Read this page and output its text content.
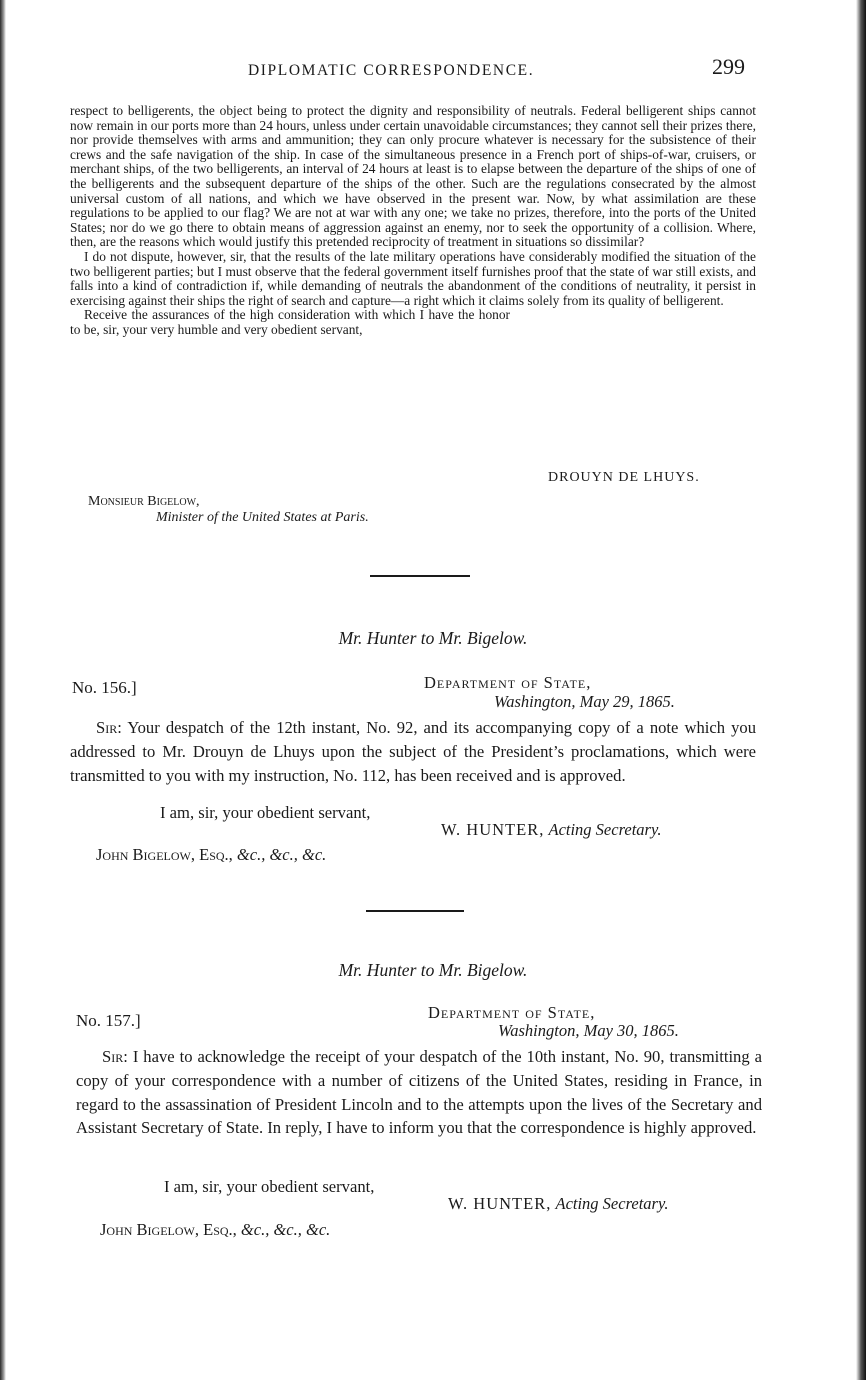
DIPLOMATIC CORRESPONDENCE.	299

respect to belligerents, the object being to protect the dignity and responsibility of neutrals. Federal belligerent ships cannot now remain in our ports more than 24 hours, unless under certain unavoidable circumstances; they cannot sell their prizes there, nor provide themselves with arms and ammunition; they can only procure whatever is necessary for the subsistence of their crews and the safe navigation of the ship. In case of the simultaneous presence in a French port of ships-of-war, cruisers, or merchant ships, of the two belligerents, an interval of 24 hours at least is to elapse between the departure of the ships of one of the belligerents and the subsequent departure of the ships of the other. Such are the regulations consecrated by the almost universal custom of all nations, and which we have observed in the present war. Now, by what assimilation are these regulations to be applied to our flag? We are not at war with any one; we take no prizes, therefore, into the ports of the United States; nor do we go there to obtain means of aggression against an enemy, nor to seek the opportunity of a collision. Where, then, are the reasons which would justify this pretended reciprocity of treatment in situations so dissimilar?

I do not dispute, however, sir, that the results of the late military operations have considerably modified the situation of the two belligerent parties; but I must observe that the federal government itself furnishes proof that the state of war still exists, and falls into a kind of contradiction if, while demanding of neutrals the abandonment of the conditions of neutrality, it persist in exercising against their ships the right of search and capture—a right which it claims solely from its quality of belligerent.

Receive the assurances of the high consideration with which I have the honor to be, sir, your very humble and very obedient servant,

DROUYN DE LHUYS.
Monsieur Bigelow,
Minister of the United States at Paris.
Mr. Hunter to Mr. Bigelow.
No. 156.]	Department of State,
Washington, May 29, 1865.

Sir: Your despatch of the 12th instant, No. 92, and its accompanying copy of a note which you addressed to Mr. Drouyn de Lhuys upon the subject of the President’s proclamations, which were transmitted to you with my instruction, No. 112, has been received and is approved.

I am, sir, your obedient servant,
W. HUNTER, Acting Secretary.
John Bigelow, Esq., &c., &c., &c.
Mr. Hunter to Mr. Bigelow.
No. 157.]	Department of State,
Washington, May 30, 1865.

Sir: I have to acknowledge the receipt of your despatch of the 10th instant, No. 90, transmitting a copy of your correspondence with a number of citizens of the United States, residing in France, in regard to the assassination of President Lincoln and to the attempts upon the lives of the Secretary and Assistant Secretary of State. In reply, I have to inform you that the correspondence is highly approved.

I am, sir, your obedient servant,
W. HUNTER, Acting Secretary.
John Bigelow, Esq., &c., &c., &c.
